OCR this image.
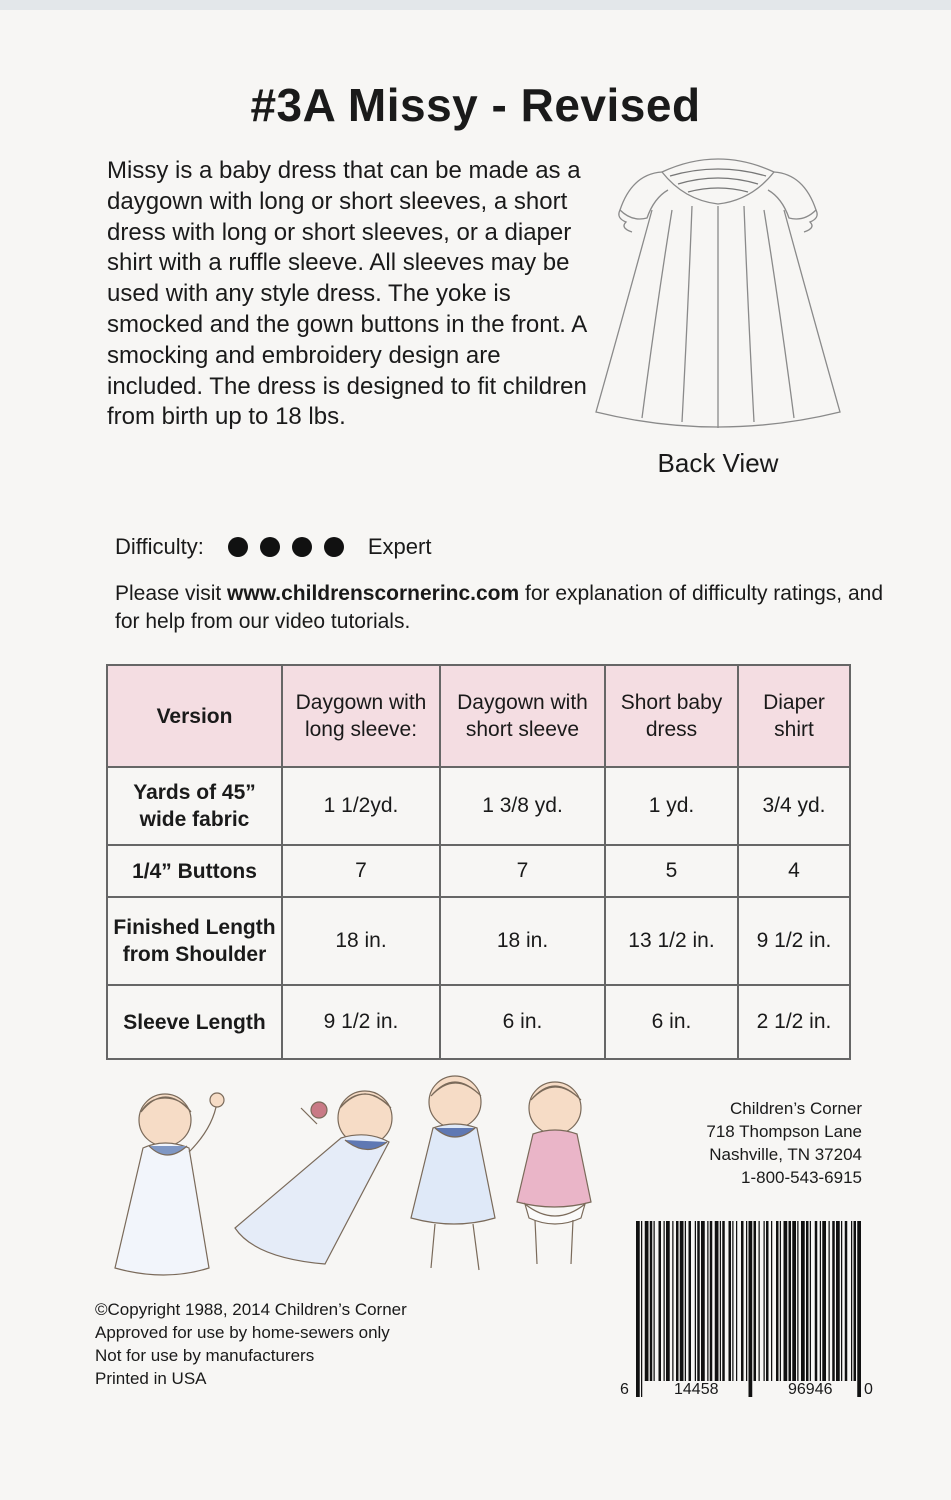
#3A Missy - Revised

Missy is a baby dress that can be made as a daygown with long or short sleeves, a short dress with long or short sleeves, or a diaper shirt with a ruffle sleeve. All sleeves may be used with any style dress. The yoke is smocked and the gown buttons in the front. A smocking and embroidery design are included. The dress is designed to fit children from birth up to 18 lbs.

Back View
Difficulty:	Expert
Please visit www.childrenscornerinc.com for explanation of difficulty ratings, and for help from our video tutorials.
Version	Daygown with long sleeve:	Daygown with short sleeve	Short baby dress	Diaper shirt
Yards of 45” wide fabric	1 1/2yd.	1 3/8 yd.	1 yd.	3/4 yd.
1/4” Buttons	7	7	5	4
Finished Length from Shoulder	18 in.	18 in.	13 1/2 in.	9 1/2 in.
Sleeve Length	9 1/2 in.	6 in.	6 in.	2 1/2 in.
Children’s Corner
718 Thompson Lane
Nashville, TN 37204
1-800-543-6915
6	14458	96946 0
©Copyright 1988, 2014 Children’s Corner
Approved for use by home-sewers only
Not for use by manufacturers
Printed in USA
